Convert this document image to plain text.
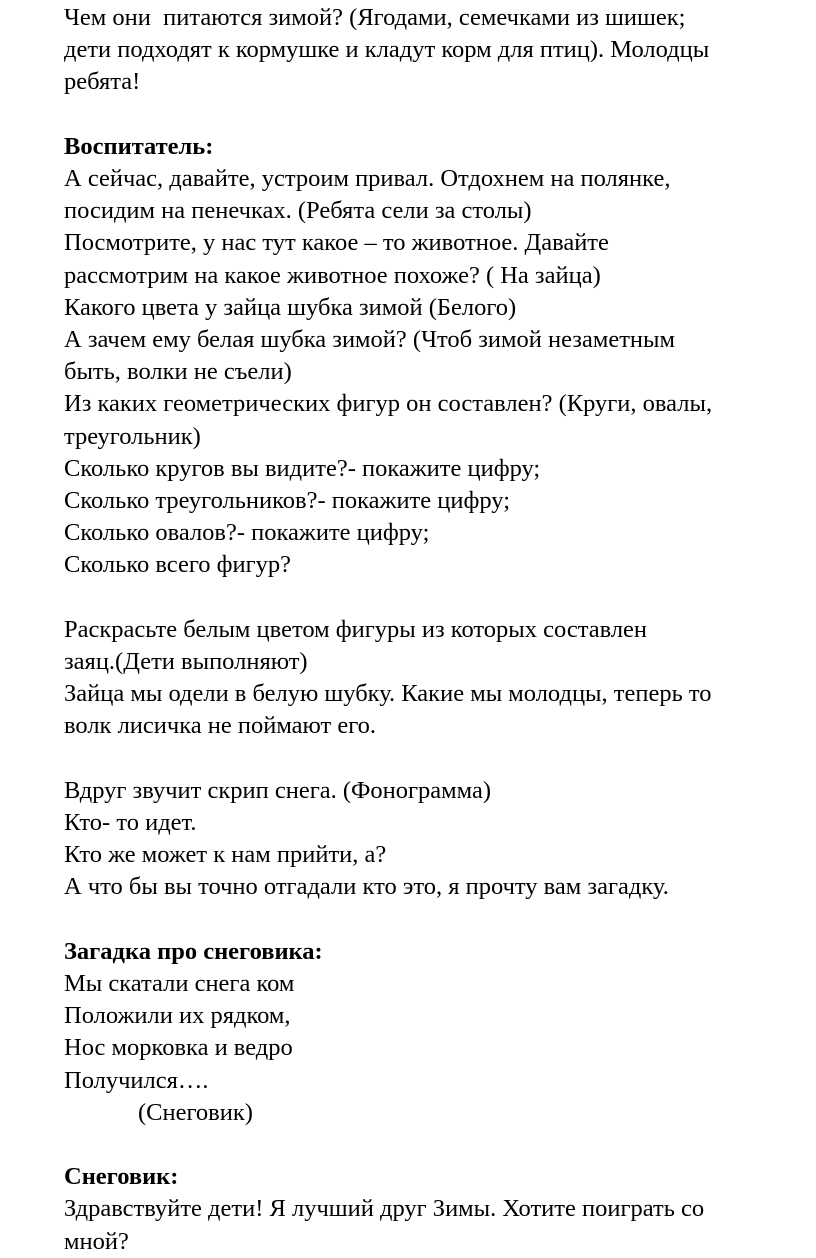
Чем они  питаются зимой? (Ягодами, семечками из шишек;
дети подходят к кормушке и кладут корм для птиц). Молодцы
ребята!
Воспитатель:
А сейчас, давайте, устроим привал. Отдохнем на полянке,
посидим на пенечках. (Ребята сели за столы)
Посмотрите, у нас тут какое – то животное. Давайте
рассмотрим на какое животное похоже? ( На зайца)
Какого цвета у зайца шубка зимой (Белого)
А зачем ему белая шубка зимой? (Чтоб зимой незаметным
быть, волки не съели)
Из каких геометрических фигур он составлен? (Круги, овалы,
треугольник)
Сколько кругов вы видите?- покажите цифру;
Сколько треугольников?- покажите цифру;
Сколько овалов?- покажите цифру;
Сколько всего фигур?
Раскрасьте белым цветом фигуры из которых составлен
заяц.(Дети выполняют)
Зайца мы одели в белую шубку. Какие мы молодцы, теперь то
волк лисичка не поймают его.
Вдруг звучит скрип снега. (Фонограмма)
Кто- то идет.
Кто же может к нам прийти, а?
А что бы вы точно отгадали кто это, я прочту вам загадку.
Загадка про снеговика:
Мы скатали снега ком
Положили их рядком,
Нос морковка и ведро
Получился….
(Снеговик)
Снеговик:
Здравствуйте дети! Я лучший друг Зимы. Хотите поиграть со
мной?
